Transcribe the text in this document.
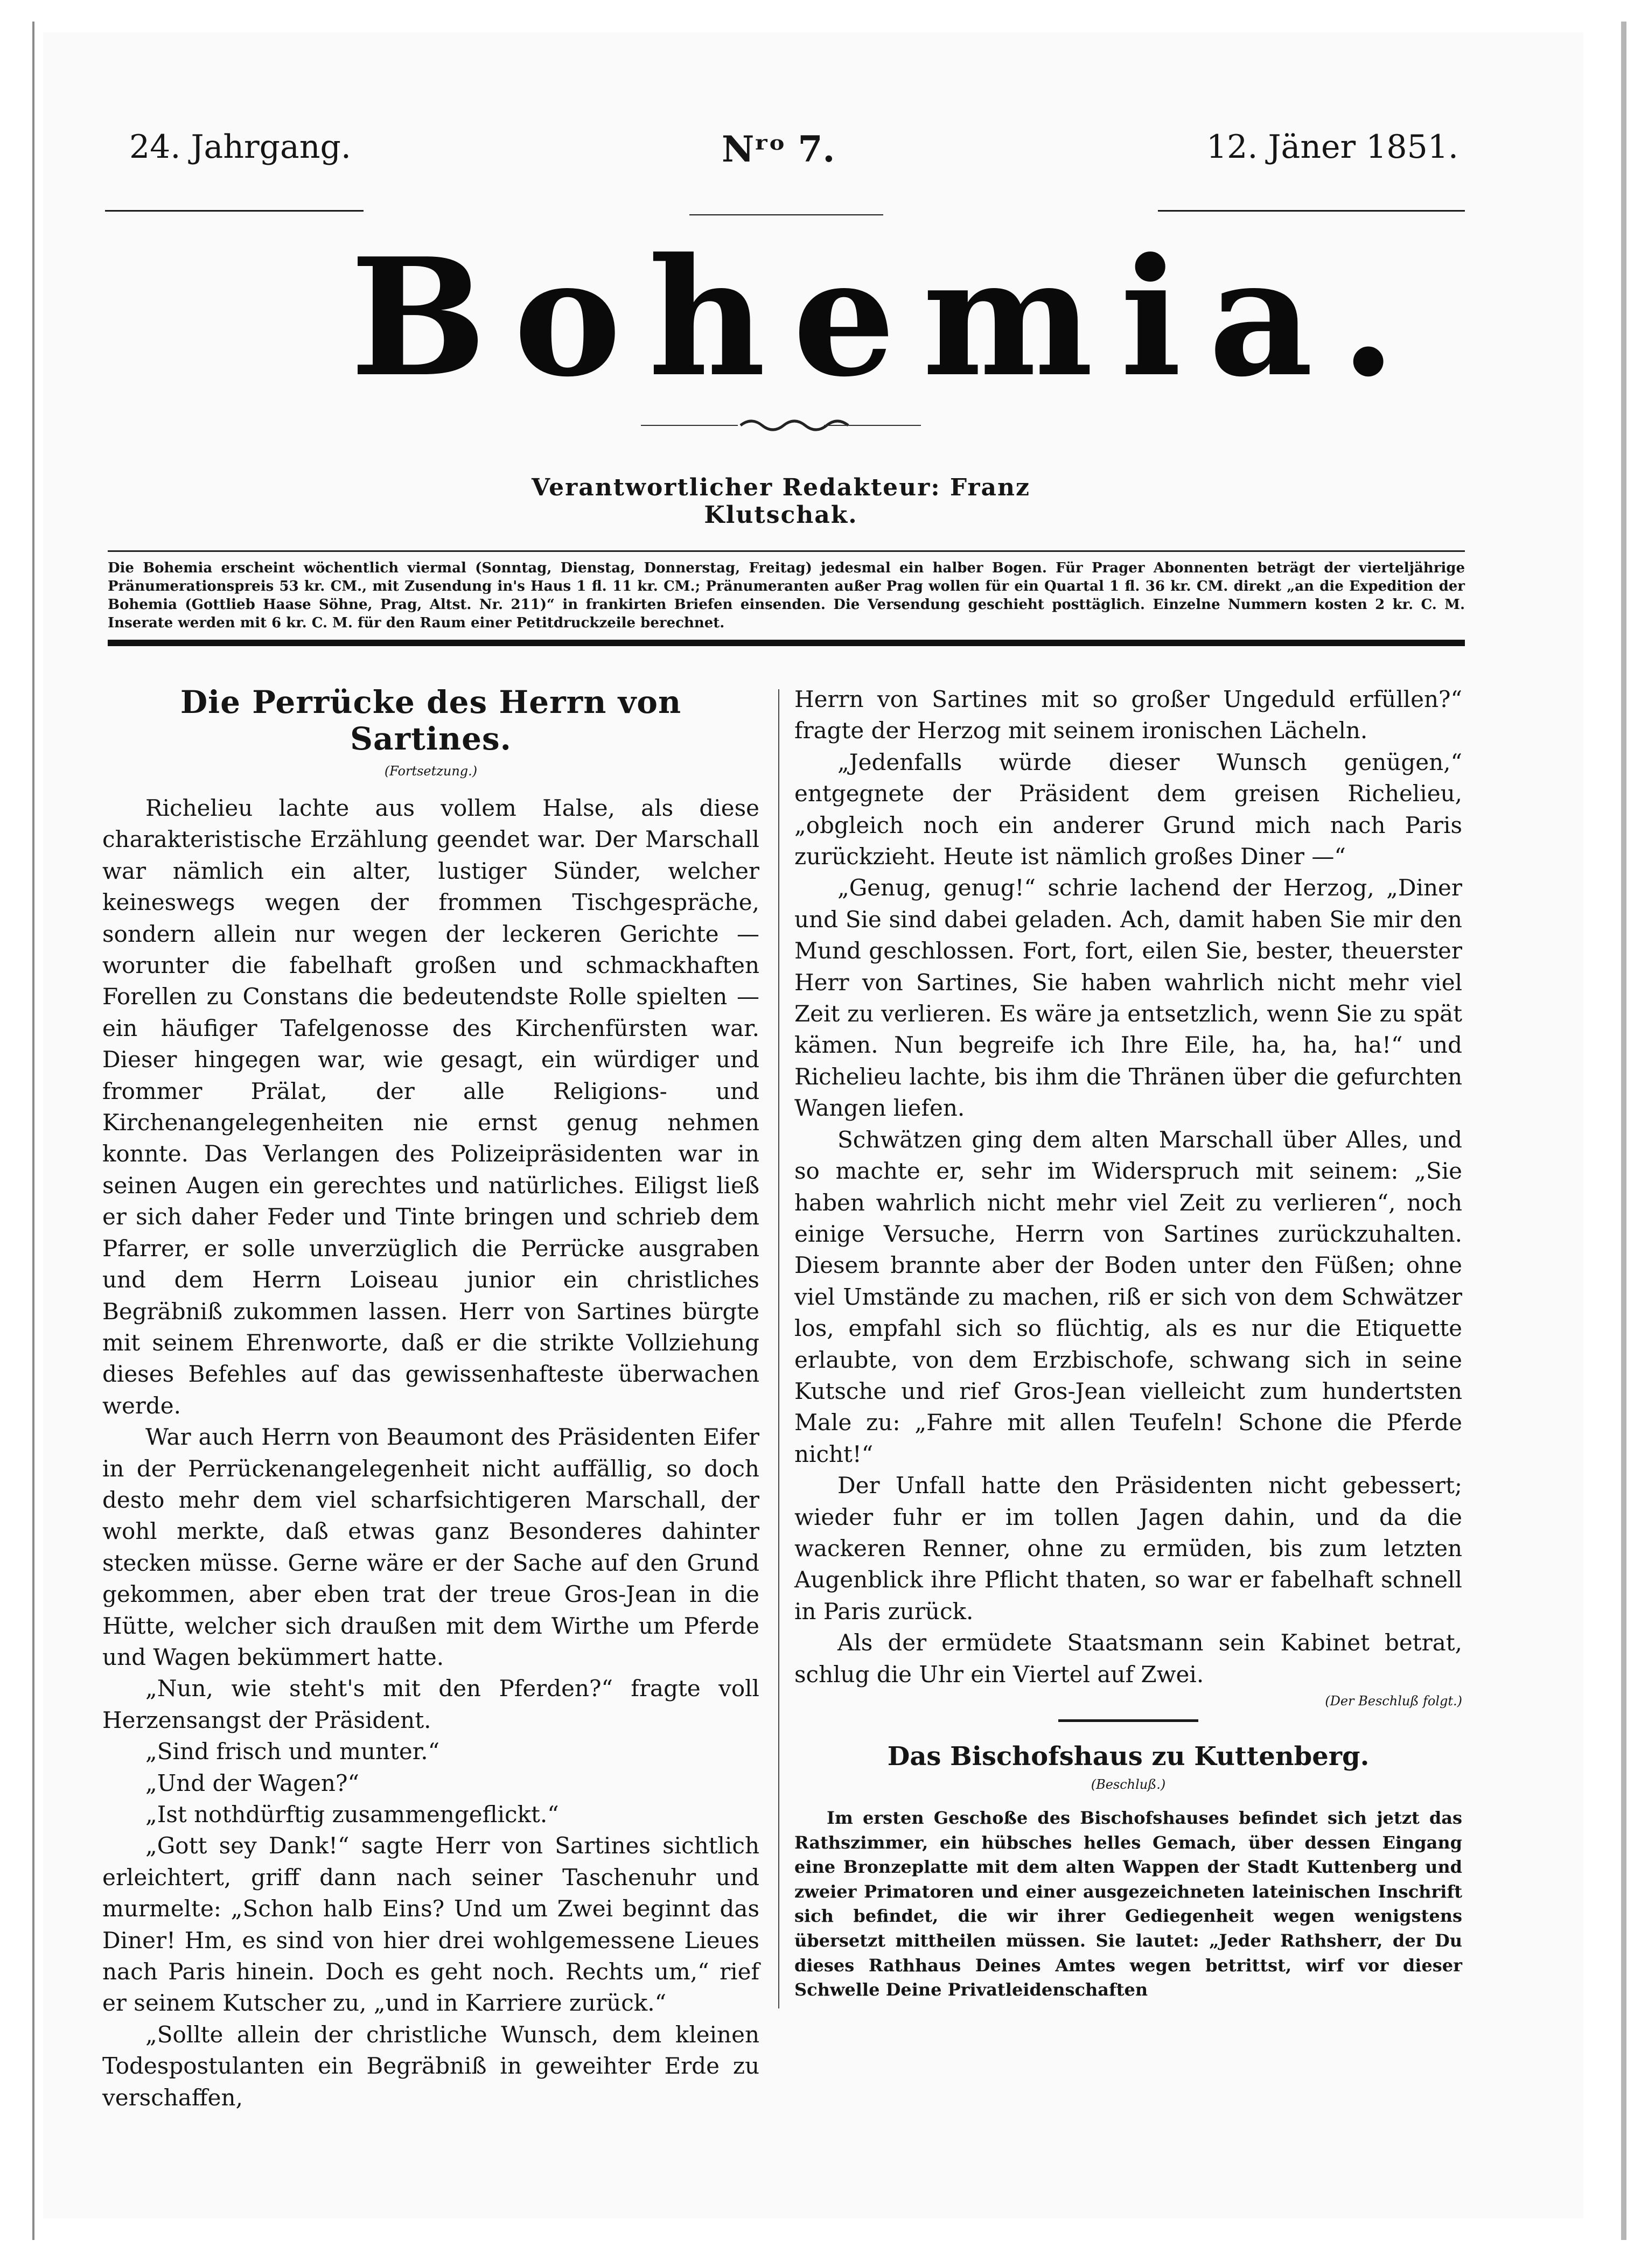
24. Jahrgang.	Nʳᵒ 7.	12. Jäner 1851.
Bohemia.
Verantwortlicher Redakteur: Franz Klutschak.
Die Bohemia erscheint wöchentlich viermal (Sonntag, Dienstag, Donnerstag, Freitag) jedesmal ein halber Bogen. Für Prager Abonnenten beträgt der vierteljährige Pränumerationspreis 53 kr. CM., mit Zusendung in's Haus 1 fl. 11 kr. CM.; Pränumeranten außer Prag wollen für ein Quartal 1 fl. 36 kr. CM. direkt „an die Expedition der Bohemia (Gottlieb Haase Söhne, Prag, Altst. Nr. 211)“ in frankirten Briefen einsenden. Die Versendung geschieht posttäglich. Einzelne Nummern kosten 2 kr. C. M. Inserate werden mit 6 kr. C. M. für den Raum einer Petitdruckzeile berechnet.
Die Perrücke des Herrn von Sartines.
(Fortsetzung.)

Richelieu lachte aus vollem Halse, als diese charakteristische Erzählung geendet war. Der Marschall war nämlich ein alter, lustiger Sünder, welcher keineswegs wegen der frommen Tischgespräche, sondern allein nur wegen der leckeren Gerichte — worunter die fabelhaft großen und schmackhaften Forellen zu Constans die bedeutendste Rolle spielten — ein häufiger Tafelgenosse des Kirchenfürsten war. Dieser hingegen war, wie gesagt, ein würdiger und frommer Prälat, der alle Religions- und Kirchenangelegenheiten nie ernst genug nehmen konnte. Das Verlangen des Polizeipräsidenten war in seinen Augen ein gerechtes und natürliches. Eiligst ließ er sich daher Feder und Tinte bringen und schrieb dem Pfarrer, er solle unverzüglich die Perrücke ausgraben und dem Herrn Loiseau junior ein christliches Begräbniß zukommen lassen. Herr von Sartines bürgte mit seinem Ehrenworte, daß er die strikte Vollziehung dieses Befehles auf das gewissenhafteste überwachen werde.

War auch Herrn von Beaumont des Präsidenten Eifer in der Perrückenangelegenheit nicht auffällig, so doch desto mehr dem viel scharfsichtigeren Marschall, der wohl merkte, daß etwas ganz Besonderes dahinter stecken müsse. Gerne wäre er der Sache auf den Grund gekommen, aber eben trat der treue Gros-Jean in die Hütte, welcher sich draußen mit dem Wirthe um Pferde und Wagen bekümmert hatte.

„Nun, wie steht's mit den Pferden?“ fragte voll Herzensangst der Präsident.

„Sind frisch und munter.“

„Und der Wagen?“

„Ist nothdürftig zusammengeflickt.“

„Gott sey Dank!“ sagte Herr von Sartines sichtlich erleichtert, griff dann nach seiner Taschenuhr und murmelte: „Schon halb Eins? Und um Zwei beginnt das Diner! Hm, es sind von hier drei wohlgemessene Lieues nach Paris hinein. Doch es geht noch. Rechts um,“ rief er seinem Kutscher zu, „und in Karriere zurück.“

„Sollte allein der christliche Wunsch, dem kleinen Todespostulanten ein Begräbniß in geweihter Erde zu verschaffen,

Herrn von Sartines mit so großer Ungeduld erfüllen?“ fragte der Herzog mit seinem ironischen Lächeln.

„Jedenfalls würde dieser Wunsch genügen,“ entgegnete der Präsident dem greisen Richelieu, „obgleich noch ein anderer Grund mich nach Paris zurückzieht. Heute ist nämlich großes Diner —“

„Genug, genug!“ schrie lachend der Herzog, „Diner und Sie sind dabei geladen. Ach, damit haben Sie mir den Mund geschlossen. Fort, fort, eilen Sie, bester, theuerster Herr von Sartines, Sie haben wahrlich nicht mehr viel Zeit zu verlieren. Es wäre ja entsetzlich, wenn Sie zu spät kämen. Nun begreife ich Ihre Eile, ha, ha, ha!“ und Richelieu lachte, bis ihm die Thränen über die gefurchten Wangen liefen.

Schwätzen ging dem alten Marschall über Alles, und so machte er, sehr im Widerspruch mit seinem: „Sie haben wahrlich nicht mehr viel Zeit zu verlieren“, noch einige Versuche, Herrn von Sartines zurückzuhalten. Diesem brannte aber der Boden unter den Füßen; ohne viel Umstände zu machen, riß er sich von dem Schwätzer los, empfahl sich so flüchtig, als es nur die Etiquette erlaubte, von dem Erzbischofe, schwang sich in seine Kutsche und rief Gros-Jean vielleicht zum hundertsten Male zu: „Fahre mit allen Teufeln! Schone die Pferde nicht!“

Der Unfall hatte den Präsidenten nicht gebessert; wieder fuhr er im tollen Jagen dahin, und da die wackeren Renner, ohne zu ermüden, bis zum letzten Augenblick ihre Pflicht thaten, so war er fabelhaft schnell in Paris zurück.

Als der ermüdete Staatsmann sein Kabinet betrat, schlug die Uhr ein Viertel auf Zwei.

(Der Beschluß folgt.)
Das Bischofshaus zu Kuttenberg.
(Beschluß.)

Im ersten Geschoße des Bischofshauses befindet sich jetzt das Rathszimmer, ein hübsches helles Gemach, über dessen Eingang eine Bronzeplatte mit dem alten Wappen der Stadt Kuttenberg und zweier Primatoren und einer ausgezeichneten lateinischen Inschrift sich befindet, die wir ihrer Gediegenheit wegen wenigstens übersetzt mittheilen müssen. Sie lautet: „Jeder Rathsherr, der Du dieses Rathhaus Deines Amtes wegen betrittst, wirf vor dieser Schwelle Deine Privatleidenschaften
